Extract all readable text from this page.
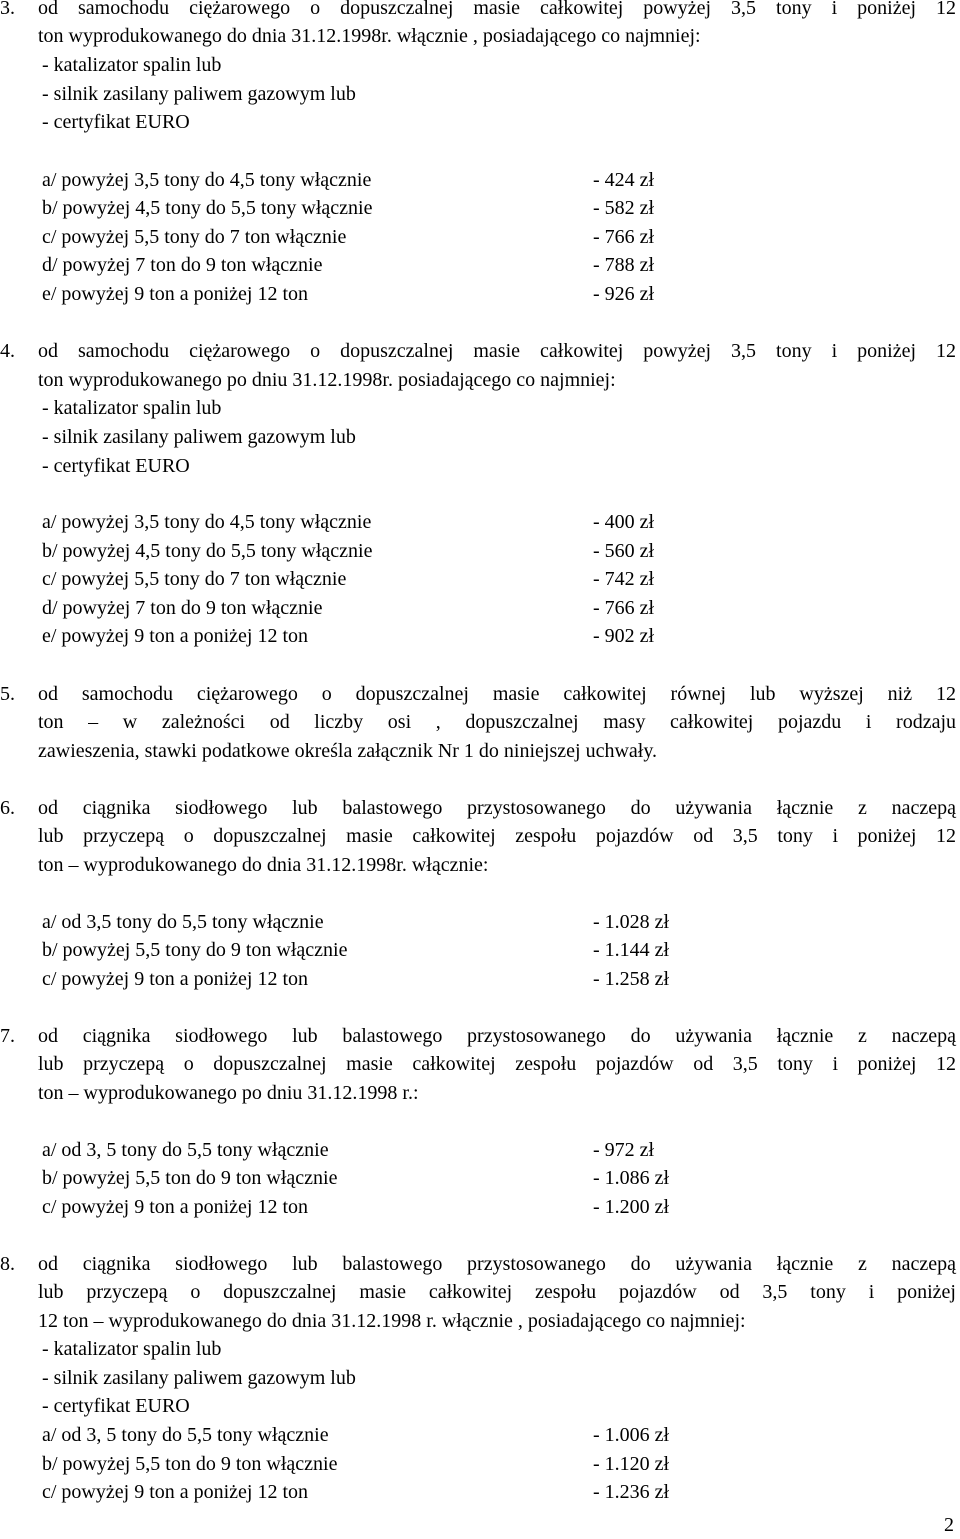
3. od samochodu ciężarowego o dopuszczalnej masie całkowitej powyżej 3,5 tony i poniżej 12
ton wyprodukowanego do dnia 31.12.1998r. włącznie , posiadającego co najmniej:
- katalizator spalin lub
- silnik zasilany paliwem gazowym lub
- certyfikat EURO
a/ powyżej 3,5 tony do 4,5 tony włącznie	- 424 zł
b/ powyżej 4,5 tony do 5,5 tony włącznie	- 582 zł
c/ powyżej 5,5 tony do 7 ton włącznie	- 766 zł
d/ powyżej 7 ton do 9 ton włącznie	- 788 zł
e/ powyżej 9 ton a poniżej 12 ton	- 926 zł
4. od samochodu ciężarowego o dopuszczalnej masie całkowitej powyżej 3,5 tony i poniżej 12
ton wyprodukowanego po dniu 31.12.1998r. posiadającego co najmniej:
- katalizator spalin lub
- silnik zasilany paliwem gazowym lub
- certyfikat EURO
a/ powyżej 3,5 tony do 4,5 tony włącznie	- 400 zł
b/ powyżej 4,5 tony do 5,5 tony włącznie	- 560 zł
c/ powyżej 5,5 tony do 7 ton włącznie	- 742 zł
d/ powyżej 7 ton do 9 ton włącznie	- 766 zł
e/ powyżej 9 ton a poniżej 12 ton	- 902 zł
5. od samochodu ciężarowego o dopuszczalnej masie całkowitej równej lub wyższej niż 12
ton – w zależności od liczby osi , dopuszczalnej masy całkowitej pojazdu i rodzaju
zawieszenia, stawki podatkowe określa załącznik Nr 1 do niniejszej uchwały.
6. od ciągnika siodłowego lub balastowego przystosowanego do używania łącznie z naczepą
lub przyczepą o dopuszczalnej masie całkowitej zespołu pojazdów od 3,5 tony i poniżej 12
ton – wyprodukowanego do dnia 31.12.1998r. włącznie:
a/ od 3,5 tony do 5,5 tony włącznie	- 1.028 zł
b/ powyżej 5,5 tony do 9 ton włącznie	- 1.144 zł
c/ powyżej 9 ton a poniżej 12 ton	- 1.258 zł
7. od ciągnika siodłowego lub balastowego przystosowanego do używania łącznie z naczepą
lub przyczepą o dopuszczalnej masie całkowitej zespołu pojazdów od 3,5 tony i poniżej 12
ton – wyprodukowanego po dniu 31.12.1998 r.:
a/ od 3, 5 tony do 5,5 tony włącznie	- 972 zł
b/ powyżej 5,5 ton do 9 ton włącznie	- 1.086 zł
c/ powyżej 9 ton a poniżej 12 ton	- 1.200 zł
8. od ciągnika siodłowego lub balastowego przystosowanego do używania łącznie z naczepą
lub przyczepą o dopuszczalnej masie całkowitej zespołu pojazdów od 3,5 tony i poniżej
12 ton – wyprodukowanego do dnia 31.12.1998 r. włącznie , posiadającego co najmniej:
- katalizator spalin lub
- silnik zasilany paliwem gazowym lub
- certyfikat EURO
a/ od 3, 5 tony do 5,5 tony włącznie	- 1.006 zł
b/ powyżej 5,5 ton do 9 ton włącznie	- 1.120 zł
c/ powyżej 9 ton a poniżej 12 ton	- 1.236 zł
2
